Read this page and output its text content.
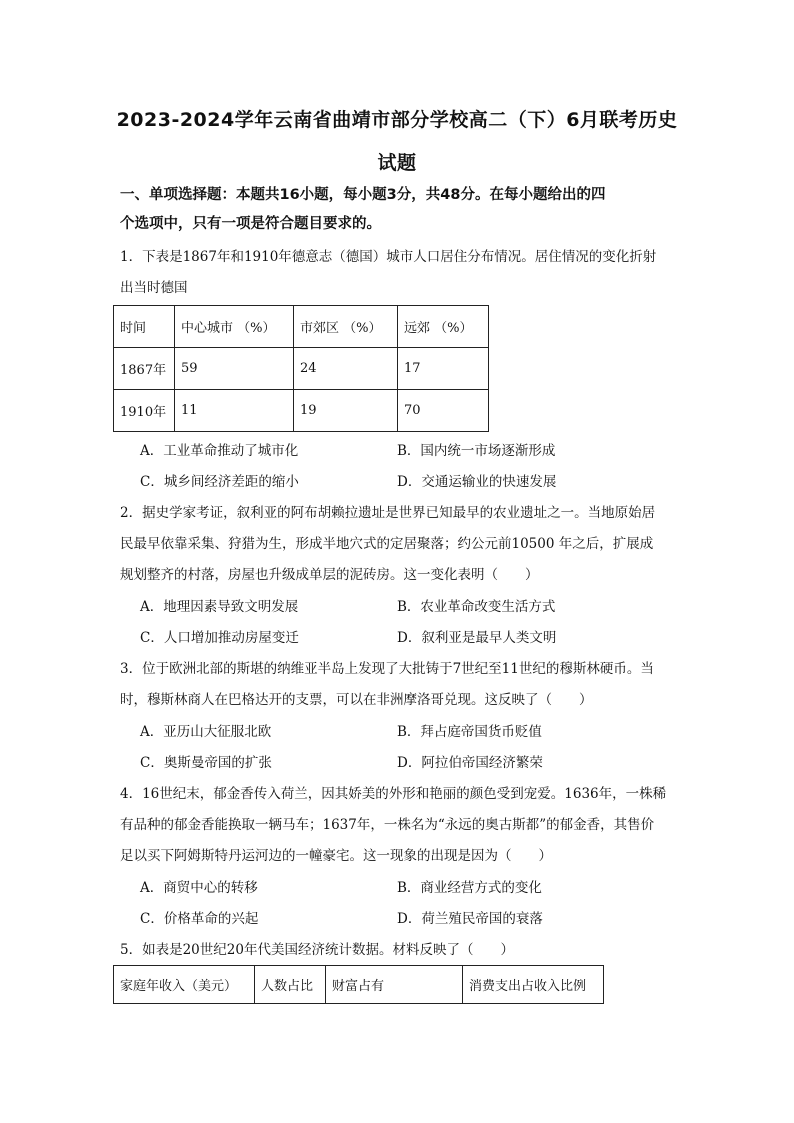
2023-2024学年云南省曲靖市部分学校高二（下）6月联考历史
试题
一、单项选择题：本题共16小题，每小题3分，共48分。在每小题给出的四
个选项中，只有一项是符合题目要求的。
1．下表是1867年和1910年德意志（德国）城市人口居住分布情况。居住情况的变化折射
出当时德国
时间	中心城市 （%）	市郊区 （%）	远郊 （%）
1867年	59	24	17
1910年	11	19	70
A．工业革命推动了城市化	B．国内统一市场逐渐形成
C．城乡间经济差距的缩小	D．交通运输业的快速发展
2．据史学家考证，叙利亚的阿布胡赖拉遗址是世界已知最早的农业遗址之一。当地原始居
民最早依靠采集、狩猎为生，形成半地穴式的定居聚落；约公元前10500 年之后，扩展成
规划整齐的村落，房屋也升级成单层的泥砖房。这一变化表明（　　）
A．地理因素导致文明发展	B．农业革命改变生活方式
C．人口增加推动房屋变迁	D．叙利亚是最早人类文明
3．位于欧洲北部的斯堪的纳维亚半岛上发现了大批铸于7世纪至11世纪的穆斯林硬币。当
时，穆斯林商人在巴格达开的支票，可以在非洲摩洛哥兑现。这反映了（　　）
A．亚历山大征服北欧	B．拜占庭帝国货币贬值
C．奥斯曼帝国的扩张	D．阿拉伯帝国经济繁荣
4．16世纪末，郁金香传入荷兰，因其娇美的外形和艳丽的颜色受到宠爱。1636年，一株稀
有品种的郁金香能换取一辆马车；1637年，一株名为“永远的奥古斯都”的郁金香，其售价
足以买下阿姆斯特丹运河边的一幢豪宅。这一现象的出现是因为（　　）
A．商贸中心的转移	B．商业经营方式的变化
C．价格革命的兴起	D．荷兰殖民帝国的衰落
5．如表是20世纪20年代美国经济统计数据。材料反映了（　　）
家庭年收入（美元）	人数占比	财富占有	消费支出占收入比例
